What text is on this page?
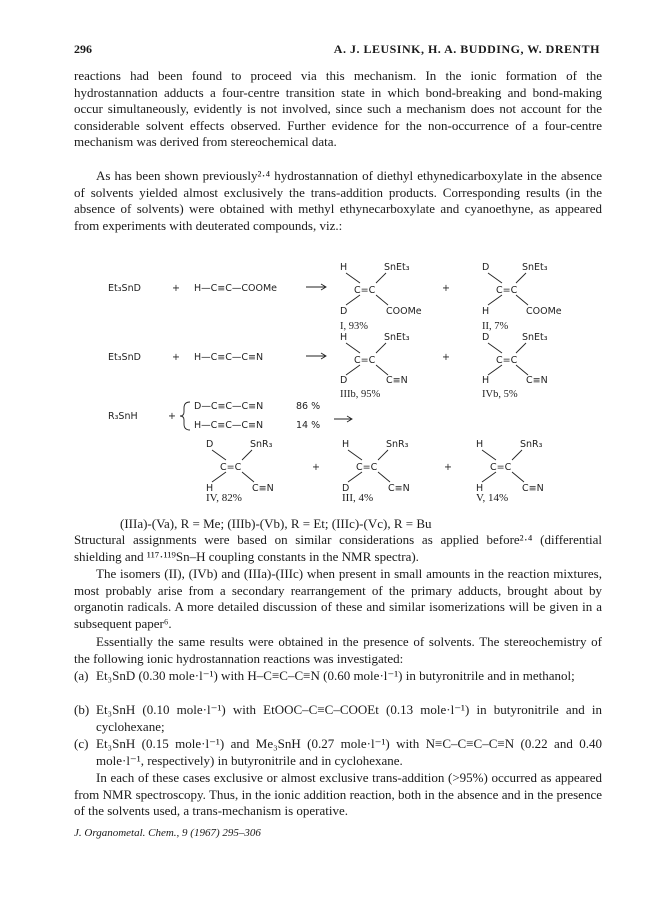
296	A. J. LEUSINK, H. A. BUDDING, W. DRENTH

reactions had been found to proceed via this mechanism. In the ionic formation of the hydrostannation adducts a four-centre transition state in which bond-breaking and bond-making occur simultaneously, evidently is not involved, since such a mechanism does not account for the considerable solvent effects observed. Further evidence for the non-occurrence of a four-centre mechanism was derived from stereochemical data.

As has been shown previously²·⁴ hydrostannation of diethyl ethynedicarboxylate in the absence of solvents yielded almost exclusively the trans-addition products. Corresponding results (in the absence of solvents) were obtained with methyl ethynecarboxylate and cyanoethyne, as appeared from experiments with deuterated compounds, viz.:

Et₃SnD	+ H—C≡C—COOMe
H	SnEt₃
C=C
D	COOMe
I, 93%
+
D	SnEt₃
C=C
H	COOMe
II, 7%
Et₃SnD	+ H—C≡C—C≡N
H	SnEt₃
C=C
D	C≡N
IIIb, 95%
+
D	SnEt₃
C=C
H	C≡N
IVb, 5%
R₃SnH	+
D—C≡C—C≡N	86 %
H—C≡C—C≡N	14 %
D	SnR₃
C=C
H	C≡N
+
H	SnR₃
C=C
D	C≡N
+
H	SnR₃
C=C
H	C≡N
IV, 82%	III, 4%	V, 14%
(IIIa)-(Va), R = Me; (IIIb)-(Vb), R = Et; (IIIc)-(Vc), R = Bu

Structural assignments were based on similar considerations as applied before²·⁴ (differential shielding and ¹¹⁷·¹¹⁹Sn–H coupling constants in the NMR spectra).

The isomers (II), (IVb) and (IIIa)-(IIIc) when present in small amounts in the reaction mixtures, most probably arise from a secondary rearrangement of the primary adducts, brought about by organotin radicals. A more detailed discussion of these and similar isomerizations will be given in a subsequent paper⁶.

Essentially the same results were obtained in the presence of solvents. The stereochemistry of the following ionic hydrostannation reactions was investigated:

(a) Et₃SnD (0.30 mole·l⁻¹) with H–C≡C–C≡N (0.60 mole·l⁻¹) in butyronitrile and in methanol;
(b) Et₃SnH (0.10 mole·l⁻¹) with EtOOC–C≡C–COOEt (0.13 mole·l⁻¹) in butyronitrile and in cyclohexane;
(c) Et₃SnH (0.15 mole·l⁻¹) and Me₃SnH (0.27 mole·l⁻¹) with N≡C–C≡C–C≡N (0.22 and 0.40 mole·l⁻¹, respectively) in butyronitrile and in cyclohexane.

In each of these cases exclusive or almost exclusive trans-addition (>95%) occurred as appeared from NMR spectroscopy. Thus, in the ionic addition reaction, both in the absence and in the presence of the solvents used, a trans-mechanism is operative.

J. Organometal. Chem., 9 (1967) 295–306
